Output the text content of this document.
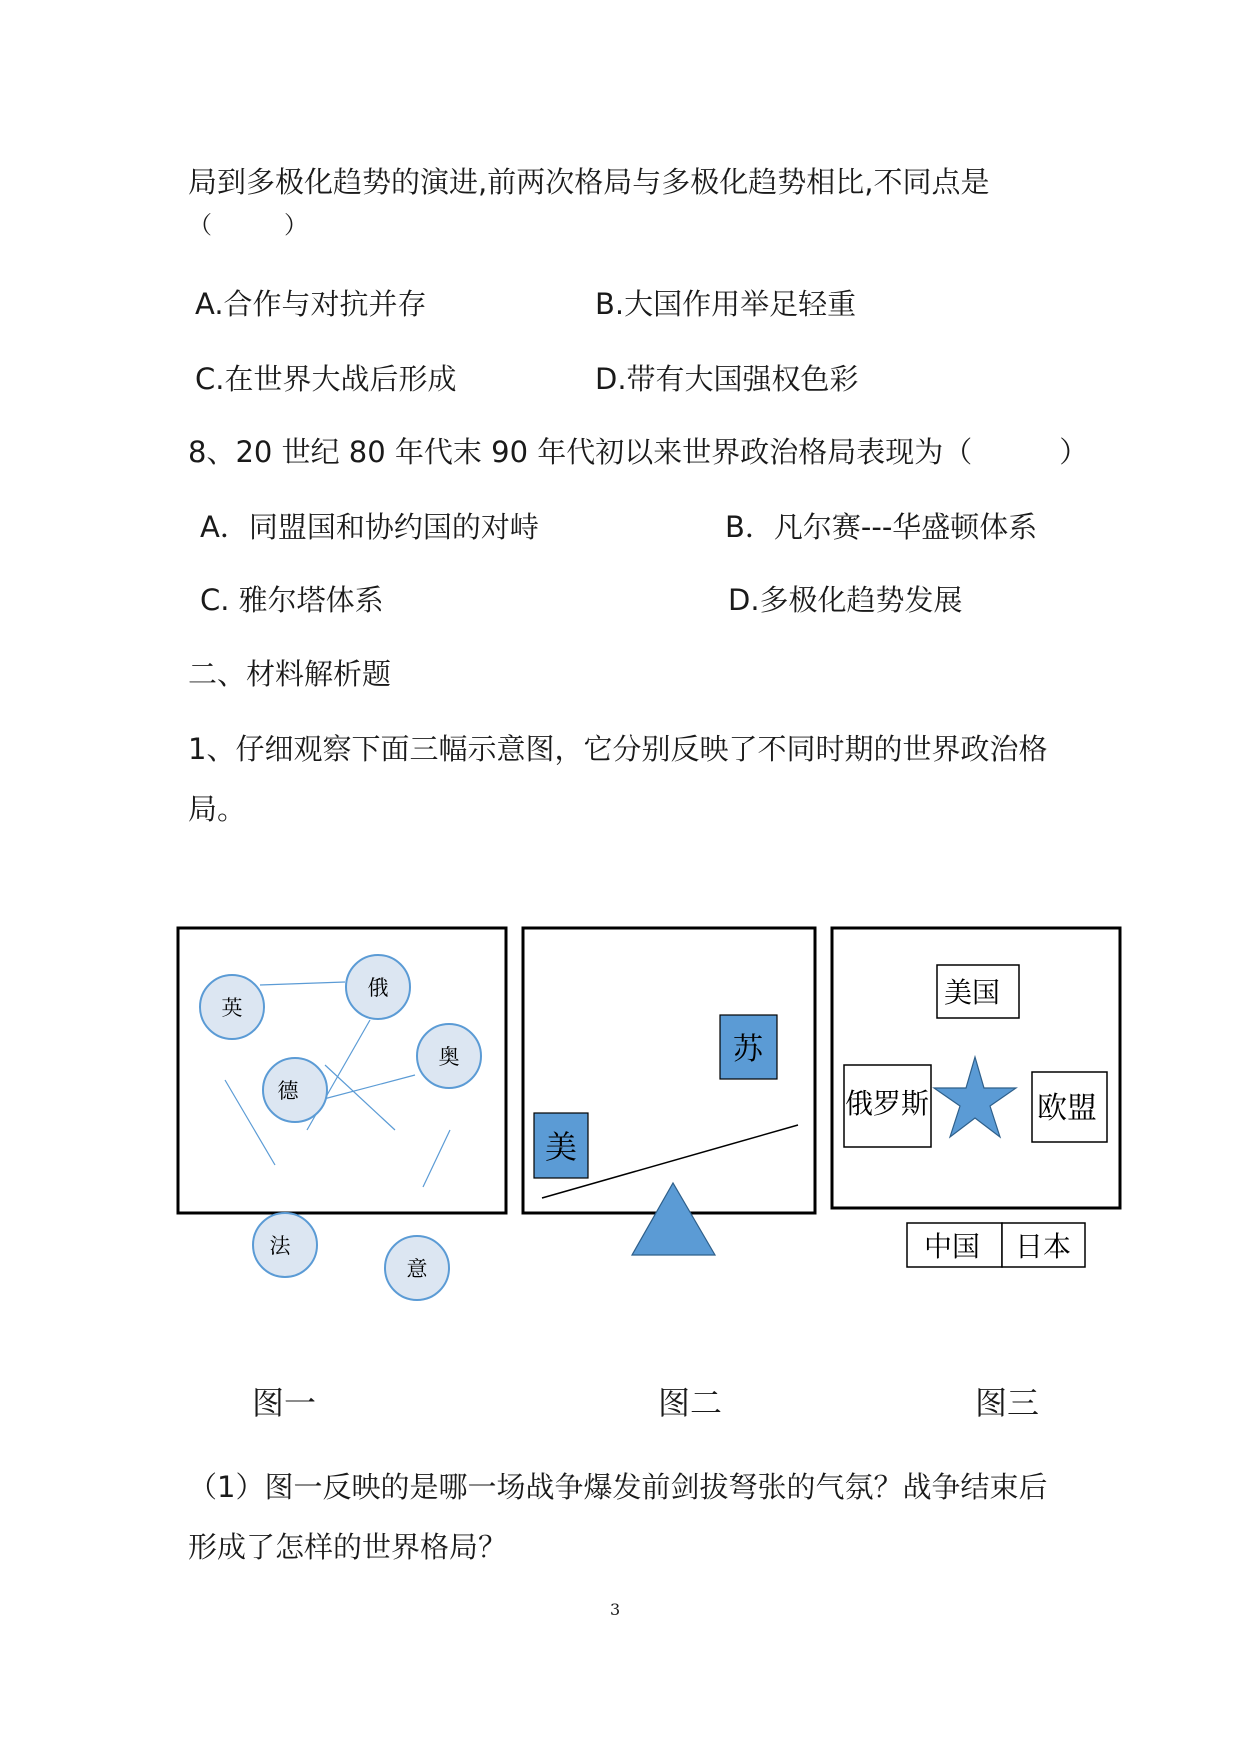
局到多极化趋势的演进,前两次格局与多极化趋势相比,不同点是
（　　　）
A.合作与对抗并存	B.大国作用举足轻重
C.在世界大战后形成	D.带有大国强权色彩
8、20 世纪 80 年代末 90 年代初以来世界政治格局表现为（　　　）
A．同盟国和协约国的对峙	B．凡尔赛---华盛顿体系
C. 雅尔塔体系	D.多极化趋势发展
二、材料解析题
1、仔细观察下面三幅示意图，它分别反映了不同时期的世界政治格
局。
英
俄
奥
德
法
意
美
苏
美国
俄罗斯	欧盟
中国 日本
图一	图二	图三
（1）图一反映的是哪一场战争爆发前剑拔弩张的气氛？战争结束后
形成了怎样的世界格局？
3
